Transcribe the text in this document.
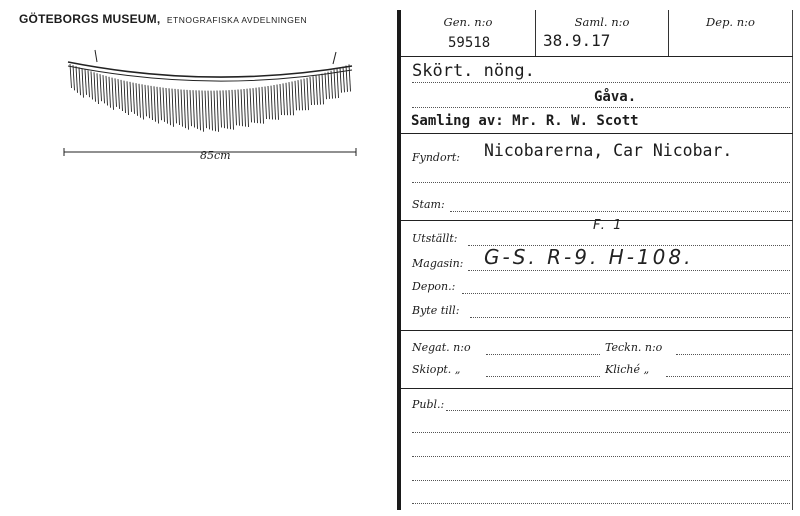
GÖTEBORGS MUSEUM, ETNOGRAFISKA AVDELNINGEN
85cm
Gen. n:o
59518
Saml. n:o
38.9.17
Dep. n:o
Skört. nöng.
Gåva.
Samling av: Mr. R. W. Scott
Fyndort: Nicobarerna, Car Nicobar.
Stam:
Utställt:
F. 1
Magasin: G-S. R-9. H-108.
Depon.:
Byte till:
Negat. n:o	Teckn. n:o
Skiopt. „	Kliché „
Publ.:
